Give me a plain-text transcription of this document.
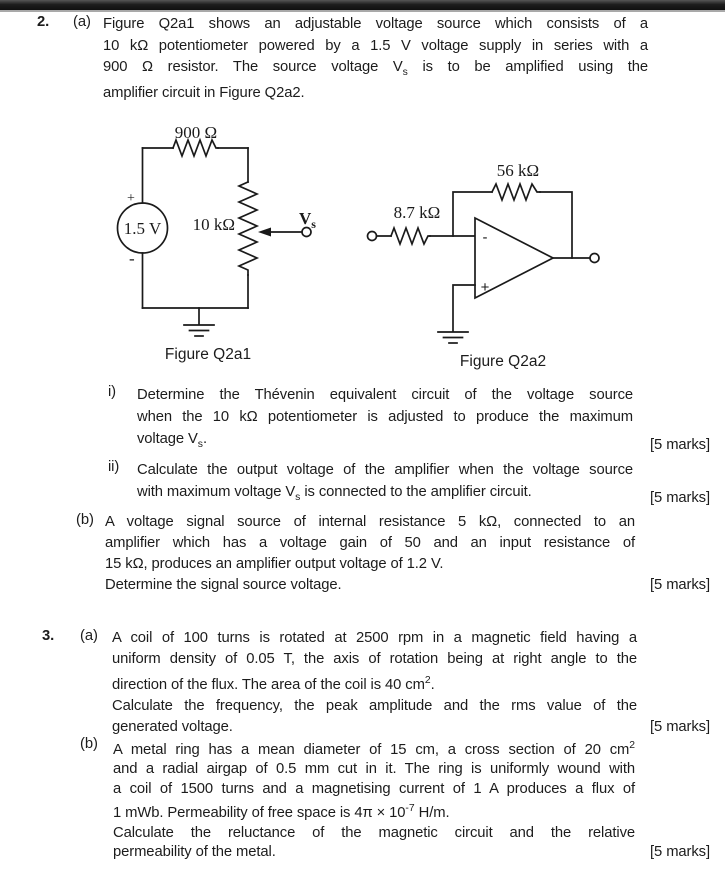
2.	(a) Figure Q2a1 shows an adjustable voltage source which consists of a
10 kΩ potentiometer powered by a 1.5 V voltage supply in series with a
900 Ω resistor. The source voltage $V_s$ is to be amplified using the
amplifier circuit in Figure Q2a2.
900 Ω
10 kΩ
1.5 V
+
-
$V_s$
Figure Q2a1
56 kΩ
8.7 kΩ
-
+
Figure Q2a2
i)	Determine the Thévenin equivalent circuit of the voltage source
when the 10 kΩ potentiometer is adjusted to produce the maximum
voltage $V_s$.	[5 marks]
ii)	Calculate the output voltage of the amplifier when the voltage source
with maximum voltage $V_s$ is connected to the amplifier circuit.	[5 marks]
(b) A voltage signal source of internal resistance 5 kΩ, connected to an
amplifier which has a voltage gain of 50 and an input resistance of
15 kΩ, produces an amplifier output voltage of 1.2 V.
Determine the signal source voltage.	[5 marks]
3.	(a) A coil of 100 turns is rotated at 2500 rpm in a magnetic field having a
uniform density of 0.05 T, the axis of rotation being at right angle to the
direction of the flux. The area of the coil is 40 $cm^2$.
Calculate the frequency, the peak amplitude and the rms value of the
generated voltage.	[5 marks]
(b)	A metal ring has a mean diameter of 15 cm, a cross section of 20 $cm^2$
and a radial airgap of 0.5 mm cut in it. The ring is uniformly wound with
a coil of 1500 turns and a magnetising current of 1 A produces a flux of
1 mWb. Permeability of free space is $4\pi \times 10^{-7}$ H/m.
Calculate the reluctance of the magnetic circuit and the relative
permeability of the metal.	[5 marks]
